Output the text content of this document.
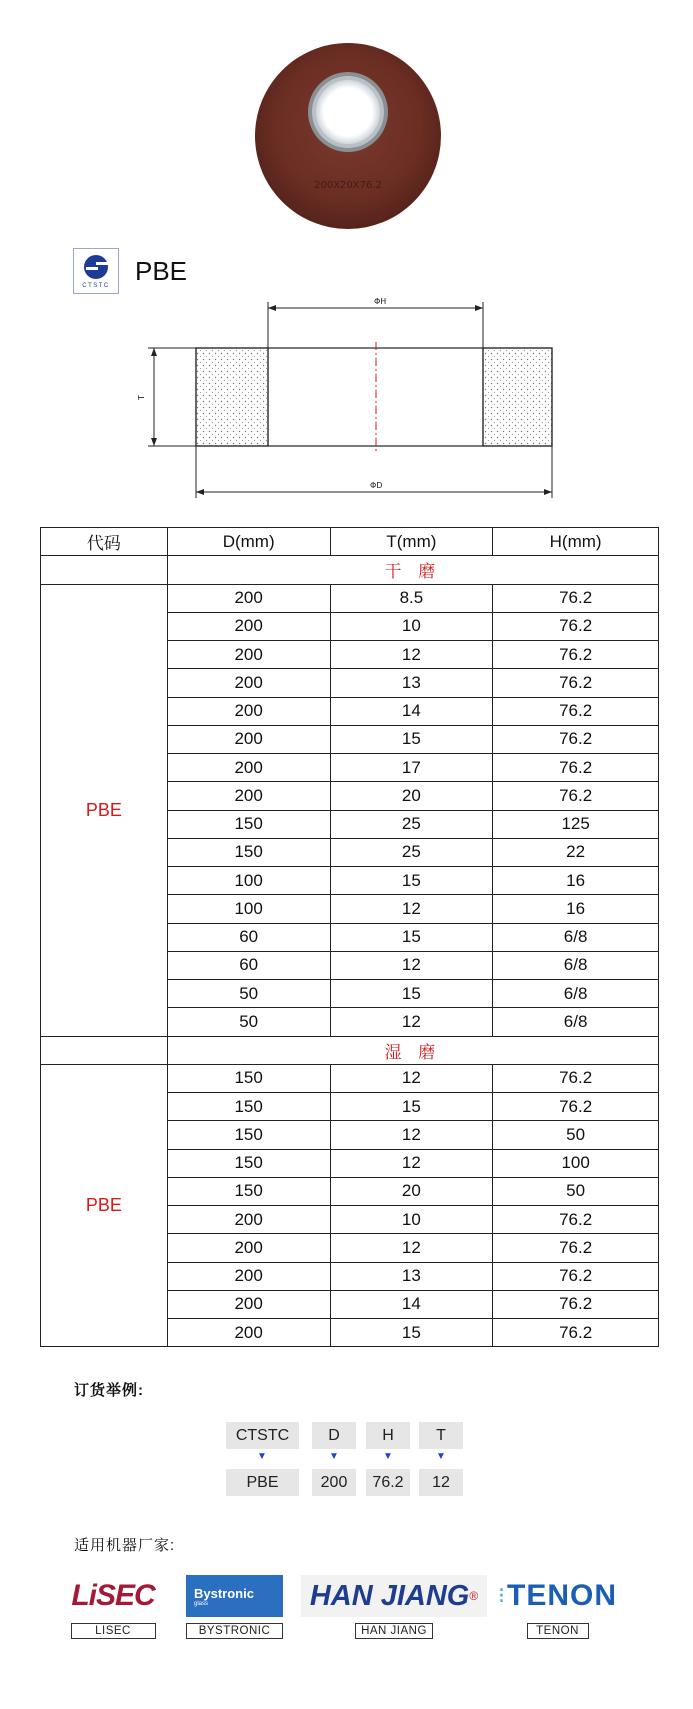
200X20X76.2
CTSTC
PBE
ΦH
T
ΦD
代码	D(mm)	T(mm)	H(mm)
	干 磨		
PBE	200	8.5	76.2
	200	10	76.2
	200	12	76.2
	200	13	76.2
	200	14	76.2
	200	15	76.2
	200	17	76.2
	200	20	76.2
	150	25	125
	150	25	22
	100	15	16
	100	12	16
	60	15	6/8
	60	12	6/8
	50	15	6/8
	50	12	6/8
	湿 磨		
PBE	150	12	76.2
	150	15	76.2
	150	12	50
	150	12	100
	150	20	50
	200	10	76.2
	200	12	76.2
	200	13	76.2
	200	14	76.2
	200	15	76.2
订货举例:
CTSTC	D	H	T
▼	▼	▼	▼
PBE	200	76.2	12
适用机器厂家:
LiSEC
LISEC
Bystronic
glass
BYSTRONIC
HAN JIANG ®
HAN JIANG
⁝ TENON
TENON
